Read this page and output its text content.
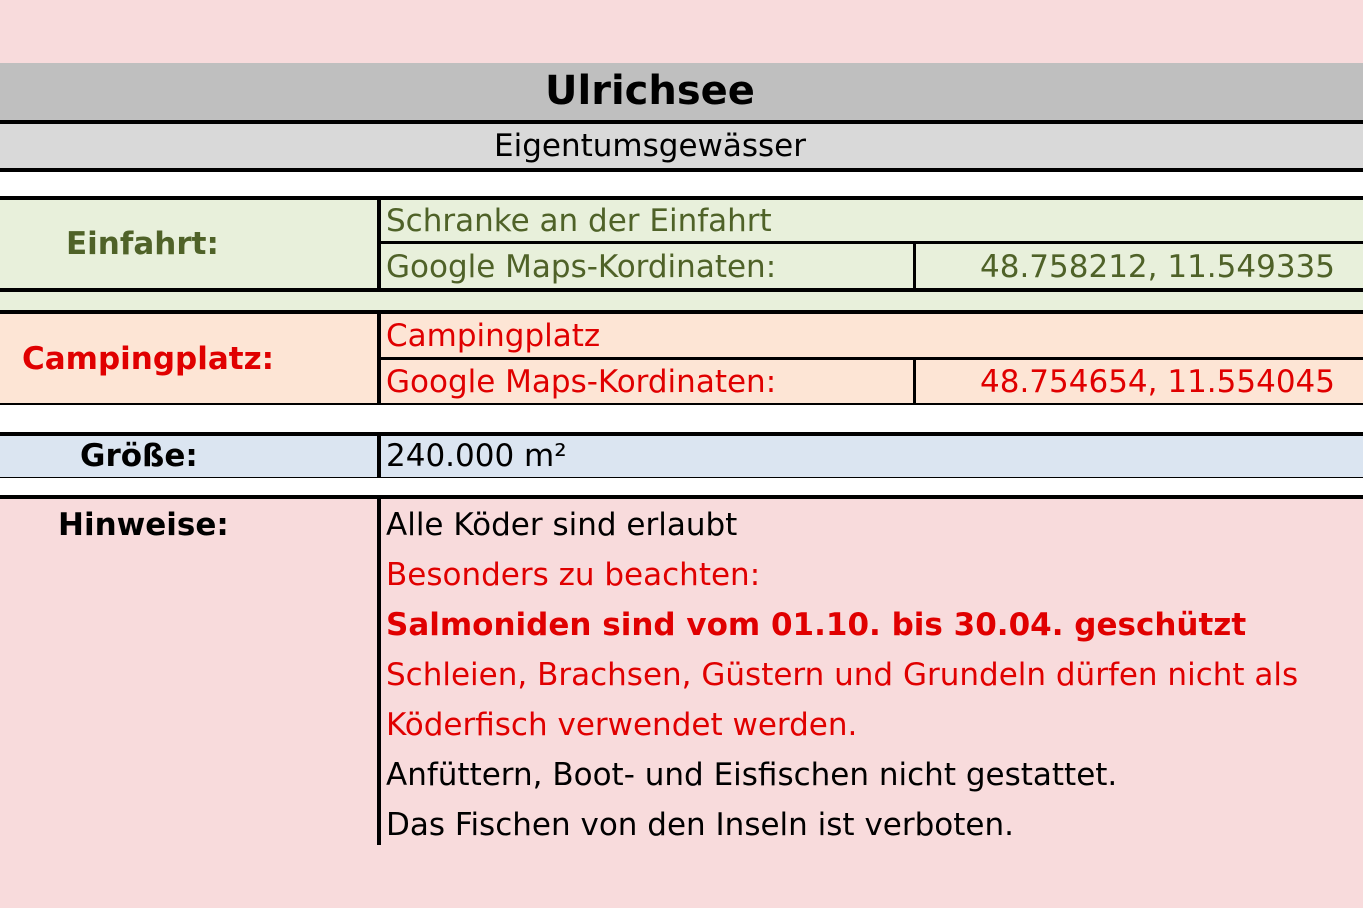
Ulrichsee
Eigentumsgewässer
Einfahrt:
Schranke an der Einfahrt
Google Maps-Kordinaten:	48.758212, 11.549335
Campingplatz:
Campingplatz
Google Maps-Kordinaten:	48.754654, 11.554045
Größe:	240.000 m²
Hinweise:	Alle Köder sind erlaubt
Besonders zu beachten:
Salmoniden sind vom 01.10. bis 30.04. geschützt
Schleien, Brachsen, Güstern und Grundeln dürfen nicht als
Köderfisch verwendet werden.
Anfüttern, Boot- und Eisfischen nicht gestattet.
Das Fischen von den Inseln ist verboten.
